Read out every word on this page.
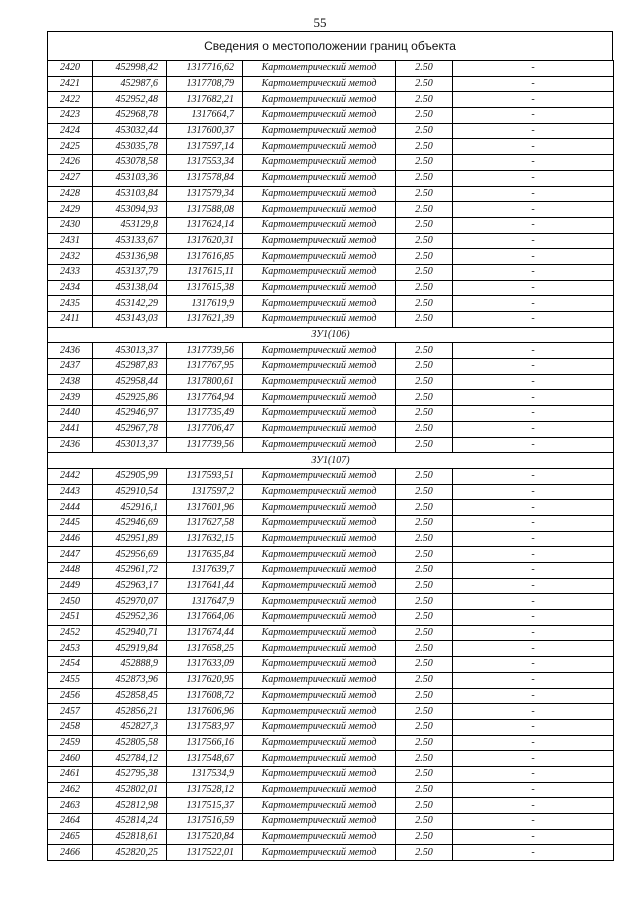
55
Сведения о местоположении границ объекта
2420	452998,42	1317716,62	Картометрический метод	2.50	-
2421	452987,6	1317708,79	Картометрический метод	2.50	-
2422	452952,48	1317682,21	Картометрический метод	2.50	-
2423	452968,78	1317664,7	Картометрический метод	2.50	-
2424	453032,44	1317600,37	Картометрический метод	2.50	-
2425	453035,78	1317597,14	Картометрический метод	2.50	-
2426	453078,58	1317553,34	Картометрический метод	2.50	-
2427	453103,36	1317578,84	Картометрический метод	2.50	-
2428	453103,84	1317579,34	Картометрический метод	2.50	-
2429	453094,93	1317588,08	Картометрический метод	2.50	-
2430	453129,8	1317624,14	Картометрический метод	2.50	-
2431	453133,67	1317620,31	Картометрический метод	2.50	-
2432	453136,98	1317616,85	Картометрический метод	2.50	-
2433	453137,79	1317615,11	Картометрический метод	2.50	-
2434	453138,04	1317615,38	Картометрический метод	2.50	-
2435	453142,29	1317619,9	Картометрический метод	2.50	-
2411	453143,03	1317621,39	Картометрический метод	2.50	-
ЗУ1(106)					
2436	453013,37	1317739,56	Картометрический метод	2.50	-
2437	452987,83	1317767,95	Картометрический метод	2.50	-
2438	452958,44	1317800,61	Картометрический метод	2.50	-
2439	452925,86	1317764,94	Картометрический метод	2.50	-
2440	452946,97	1317735,49	Картометрический метод	2.50	-
2441	452967,78	1317706,47	Картометрический метод	2.50	-
2436	453013,37	1317739,56	Картометрический метод	2.50	-
ЗУ1(107)					
2442	452905,99	1317593,51	Картометрический метод	2.50	-
2443	452910,54	1317597,2	Картометрический метод	2.50	-
2444	452916,1	1317601,96	Картометрический метод	2.50	-
2445	452946,69	1317627,58	Картометрический метод	2.50	-
2446	452951,89	1317632,15	Картометрический метод	2.50	-
2447	452956,69	1317635,84	Картометрический метод	2.50	-
2448	452961,72	1317639,7	Картометрический метод	2.50	-
2449	452963,17	1317641,44	Картометрический метод	2.50	-
2450	452970,07	1317647,9	Картометрический метод	2.50	-
2451	452952,36	1317664,06	Картометрический метод	2.50	-
2452	452940,71	1317674,44	Картометрический метод	2.50	-
2453	452919,84	1317658,25	Картометрический метод	2.50	-
2454	452888,9	1317633,09	Картометрический метод	2.50	-
2455	452873,96	1317620,95	Картометрический метод	2.50	-
2456	452858,45	1317608,72	Картометрический метод	2.50	-
2457	452856,21	1317606,96	Картометрический метод	2.50	-
2458	452827,3	1317583,97	Картометрический метод	2.50	-
2459	452805,58	1317566,16	Картометрический метод	2.50	-
2460	452784,12	1317548,67	Картометрический метод	2.50	-
2461	452795,38	1317534,9	Картометрический метод	2.50	-
2462	452802,01	1317528,12	Картометрический метод	2.50	-
2463	452812,98	1317515,37	Картометрический метод	2.50	-
2464	452814,24	1317516,59	Картометрический метод	2.50	-
2465	452818,61	1317520,84	Картометрический метод	2.50	-
2466	452820,25	1317522,01	Картометрический метод	2.50	-
